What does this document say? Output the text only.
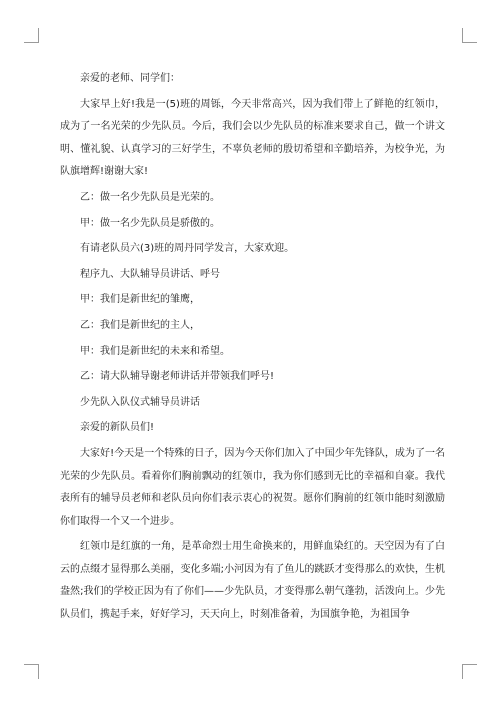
亲爱的老师、同学们：

大家早上好!我是一(5)班的周铄，今天非常高兴，因为我们带上了鲜艳的红领巾，成为了一名光荣的少先队员。今后，我们会以少先队员的标准来要求自己，做一个讲文明、懂礼貌、认真学习的三好学生，不辜负老师的殷切希望和辛勤培养，为校争光，为队旗增辉!谢谢大家!

乙：做一名少先队员是光荣的。

甲：做一名少先队员是骄傲的。

有请老队员六(3)班的周丹同学发言，大家欢迎。

程序九、大队辅导员讲话、呼号

甲：我们是新世纪的雏鹰，

乙：我们是新世纪的主人，

甲：我们是新世纪的未来和希望。

乙：请大队辅导谢老师讲话并带领我们呼号!

少先队入队仪式辅导员讲话

亲爱的新队员们!

大家好!今天是一个特殊的日子，因为今天你们加入了中国少年先锋队，成为了一名光荣的少先队员。看着你们胸前飘动的红领巾，我为你们感到无比的幸福和自豪。我代表所有的辅导员老师和老队员向你们表示衷心的祝贺。愿你们胸前的红领巾能时刻激励你们取得一个又一个进步。

红领巾是红旗的一角，是革命烈士用生命换来的，用鲜血染红的。天空因为有了白云的点缀才显得那么美丽，变化多端;小河因为有了鱼儿的跳跃才变得那么的欢快，生机盎然;我们的学校正因为有了你们——少先队员，才变得那么朝气蓬勃，活泼向上。少先队员们，携起手来，好好学习，天天向上，时刻准备着，为国旗争艳，为祖国争
